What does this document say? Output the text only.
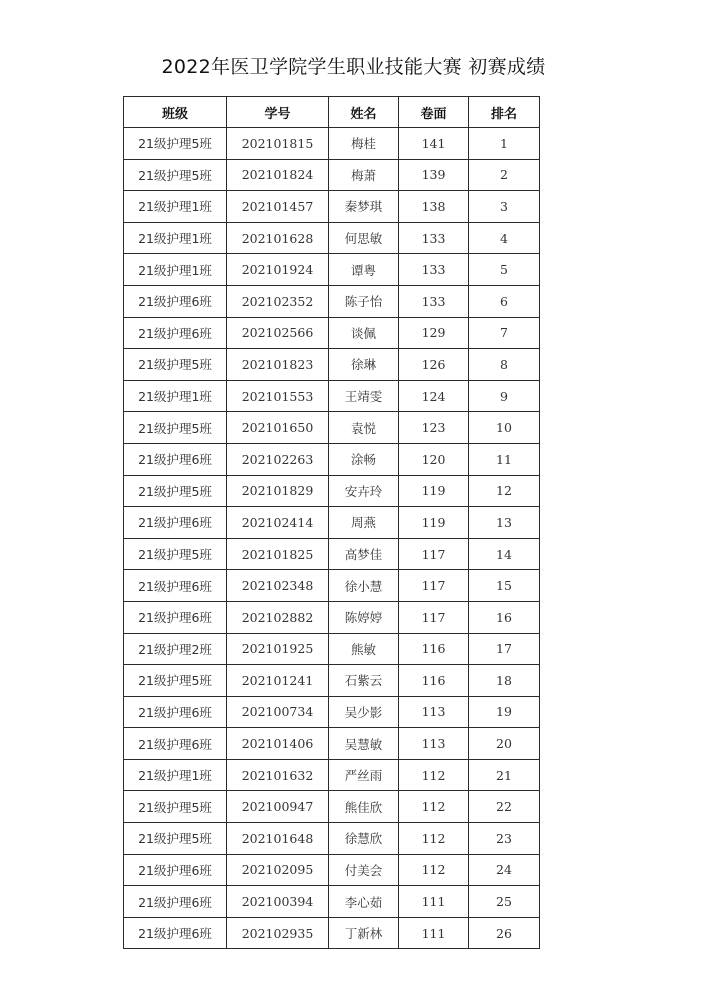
2022年医卫学院学生职业技能大赛 初赛成绩
班级	学号	姓名	卷面	排名
21级护理5班	202101815	梅桂	141	1
21级护理5班	202101824	梅萧	139	2
21级护理1班	202101457	秦梦琪	138	3
21级护理1班	202101628	何思敏	133	4
21级护理1班	202101924	谭粤	133	5
21级护理6班	202102352	陈子怡	133	6
21级护理6班	202102566	谈佩	129	7
21级护理5班	202101823	徐琳	126	8
21级护理1班	202101553	王靖雯	124	9
21级护理5班	202101650	袁悦	123	10
21级护理6班	202102263	涂畅	120	11
21级护理5班	202101829	安卉玲	119	12
21级护理6班	202102414	周燕	119	13
21级护理5班	202101825	高梦佳	117	14
21级护理6班	202102348	徐小慧	117	15
21级护理6班	202102882	陈婷婷	117	16
21级护理2班	202101925	熊敏	116	17
21级护理5班	202101241	石紫云	116	18
21级护理6班	202100734	吴少影	113	19
21级护理6班	202101406	吴慧敏	113	20
21级护理1班	202101632	严丝雨	112	21
21级护理5班	202100947	熊佳欣	112	22
21级护理5班	202101648	徐慧欣	112	23
21级护理6班	202102095	付美会	112	24
21级护理6班	202100394	李心茹	111	25
21级护理6班	202102935	丁新林	111	26
